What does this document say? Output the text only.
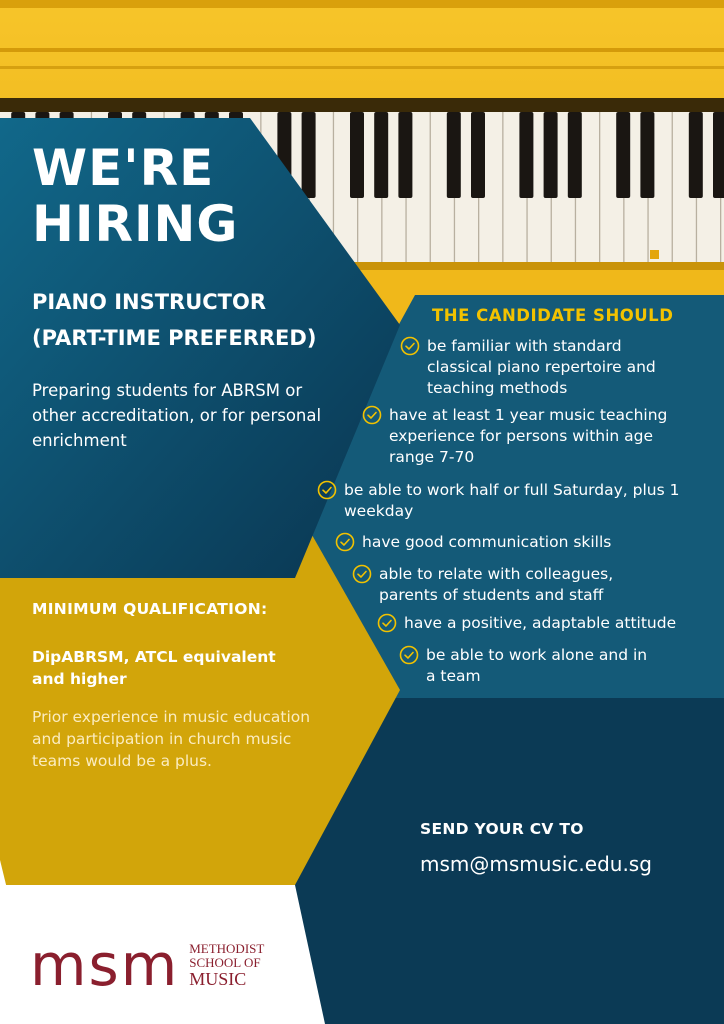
WE'RE
HIRING
PIANO INSTRUCTOR
(PART-TIME PREFERRED)
Preparing students for ABRSM or other accreditation, or for personal enrichment
THE CANDIDATE SHOULD
be familiar with standard classical piano repertoire and teaching methods
have at least 1 year music teaching experience for persons within age range 7-70
be able to work half or full Saturday, plus 1 weekday
have good communication skills
able to relate with colleagues, parents of students and staff
have a positive, adaptable attitude
be able to work alone and in a team
MINIMUM QUALIFICATION:
DipABRSM, ATCL equivalent and higher
Prior experience in music education and participation in church music teams would be a plus.
SEND YOUR CV TO
msm@msmusic.edu.sg
msm METHODIST
SCHOOL OF
MUSIC
